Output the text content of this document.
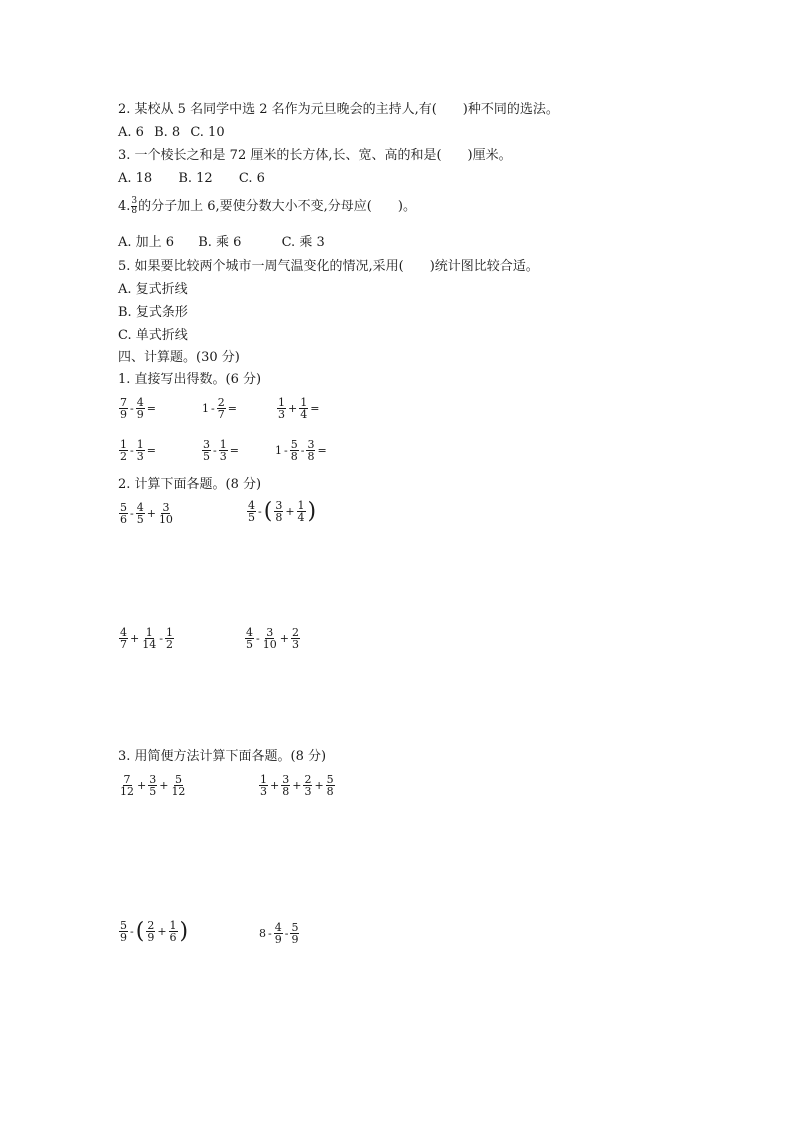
2. 某校从 5 名同学中选 2 名作为元旦晚会的主持人,有(　　)种不同的选法。
A. 6 B. 8 C. 10
3. 一个棱长之和是 72 厘米的长方体,长、宽、高的和是(　　)厘米。
A. 18 B. 12 C. 6
4. 3
8 的分子加上 6,要使分数大小不变,分母应(　　)。
A. 加上 6 B. 乘 6	C. 乘 3
5. 如果要比较两个城市一周气温变化的情况,采用(　　)统计图比较合适。
A. 复式折线
B. 复式条形
C. 单式折线
四、计算题。(30 分)
1. 直接写出得数。(6 分)
$\frac{7}{9} - \frac{4}{9}$ =	$1 - \frac{2}{7}$ =	$\frac{1}{3} + \frac{1}{4}$ =
$\frac{1}{2} - \frac{1}{3}$ =	$\frac{3}{5} - \frac{1}{3}$ =	$1 - \frac{5}{8} - \frac{3}{8}$ =
2. 计算下面各题。(8 分)
$\frac{5}{6} - \frac{4}{5} + \frac{3}{10}$	$\frac{4}{5}$ - ( $\frac{3}{8} + \frac{1}{4}$ )
$\frac{4}{7} + \frac{1}{14} - \frac{1}{2}$	$\frac{4}{5} - \frac{3}{10} + \frac{2}{3}$
3. 用简便方法计算下面各题。(8 分)
$\frac{7}{12} + \frac{3}{5} + \frac{5}{12}$	$\frac{1}{3} + \frac{3}{8} + \frac{2}{3} + \frac{5}{8}$
$\frac{5}{9}$ - ( $\frac{2}{9} + \frac{1}{6}$ )	$8 - \frac{4}{9} - \frac{5}{9}$
